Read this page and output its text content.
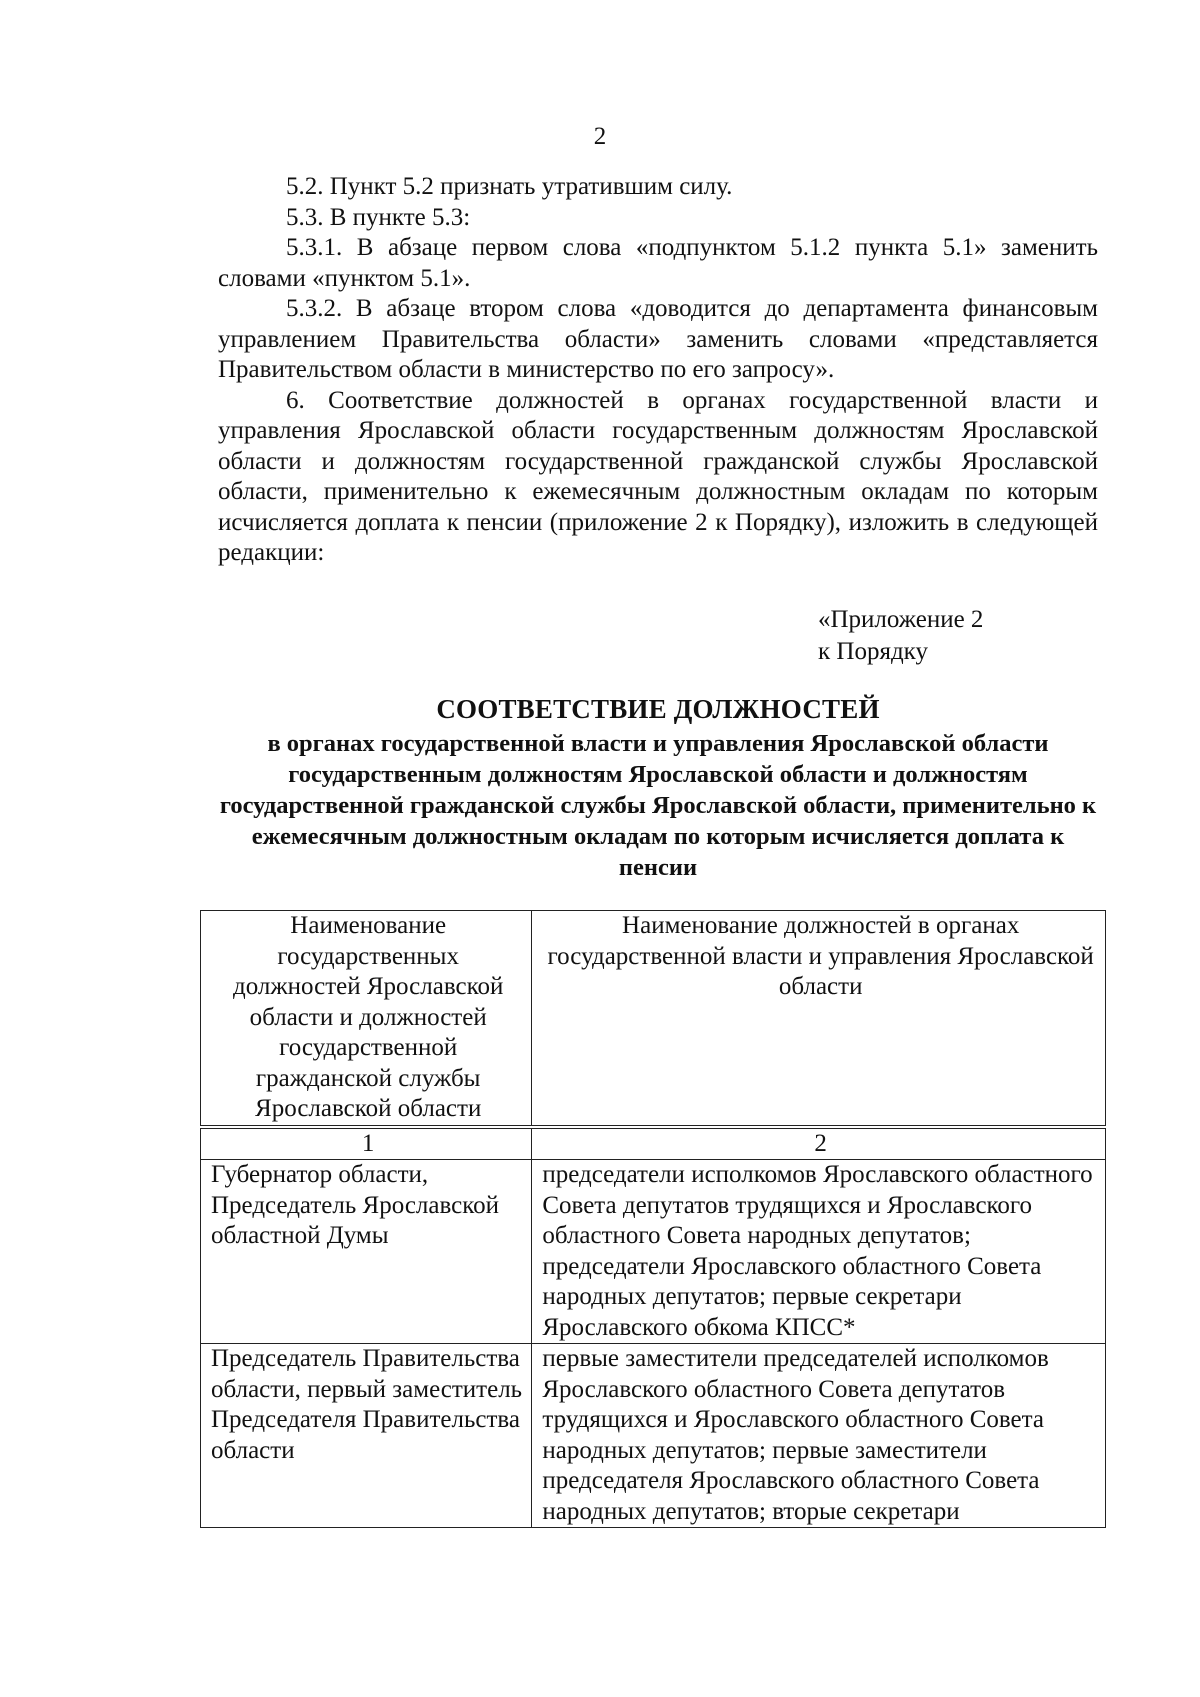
2

5.2. Пункт 5.2 признать утратившим силу.

5.3. В пункте 5.3:

5.3.1. В абзаце первом слова «подпунктом 5.1.2 пункта 5.1» заменить словами «пунктом 5.1».

5.3.2. В абзаце втором слова «доводится до департамента финансовым управлением Правительства области» заменить словами «представляется Правительством области в министерство по его запросу».

6. Соответствие должностей в органах государственной власти и управления Ярославской области государственным должностям Ярославской области и должностям государственной гражданской службы Ярославской области, применительно к ежемесячным должностным окладам по которым исчисляется доплата к пенсии (приложение 2 к Порядку), изложить в следующей редакции:

«Приложение 2
к Порядку
СООТВЕТСТВИЕ ДОЛЖНОСТЕЙ
в органах государственной власти и управления Ярославской области государственным должностям Ярославской области и должностям государственной гражданской службы Ярославской области, применительно к ежемесячным должностным окладам по которым исчисляется доплата к пенсии
Наименование государственных должностей Ярославской области и должностей государственной гражданской службы Ярославской области	Наименование должностей в органах государственной власти и управления Ярославской области

1	2
Губернатор области, Председатель Ярославской областной Думы	председатели исполкомов Ярославского областного Совета депутатов трудящихся и Ярославского областного Совета народных депутатов; председатели Ярославского областного Совета народных депутатов; первые секретари Ярославского обкома КПСС*
Председатель Правительства области, первый заместитель Председателя Правительства области	первые заместители председателей исполкомов Ярославского областного Совета депутатов трудящихся и Ярославского областного Совета народных депутатов; первые заместители председателя Ярославского областного Совета народных депутатов; вторые секретари
